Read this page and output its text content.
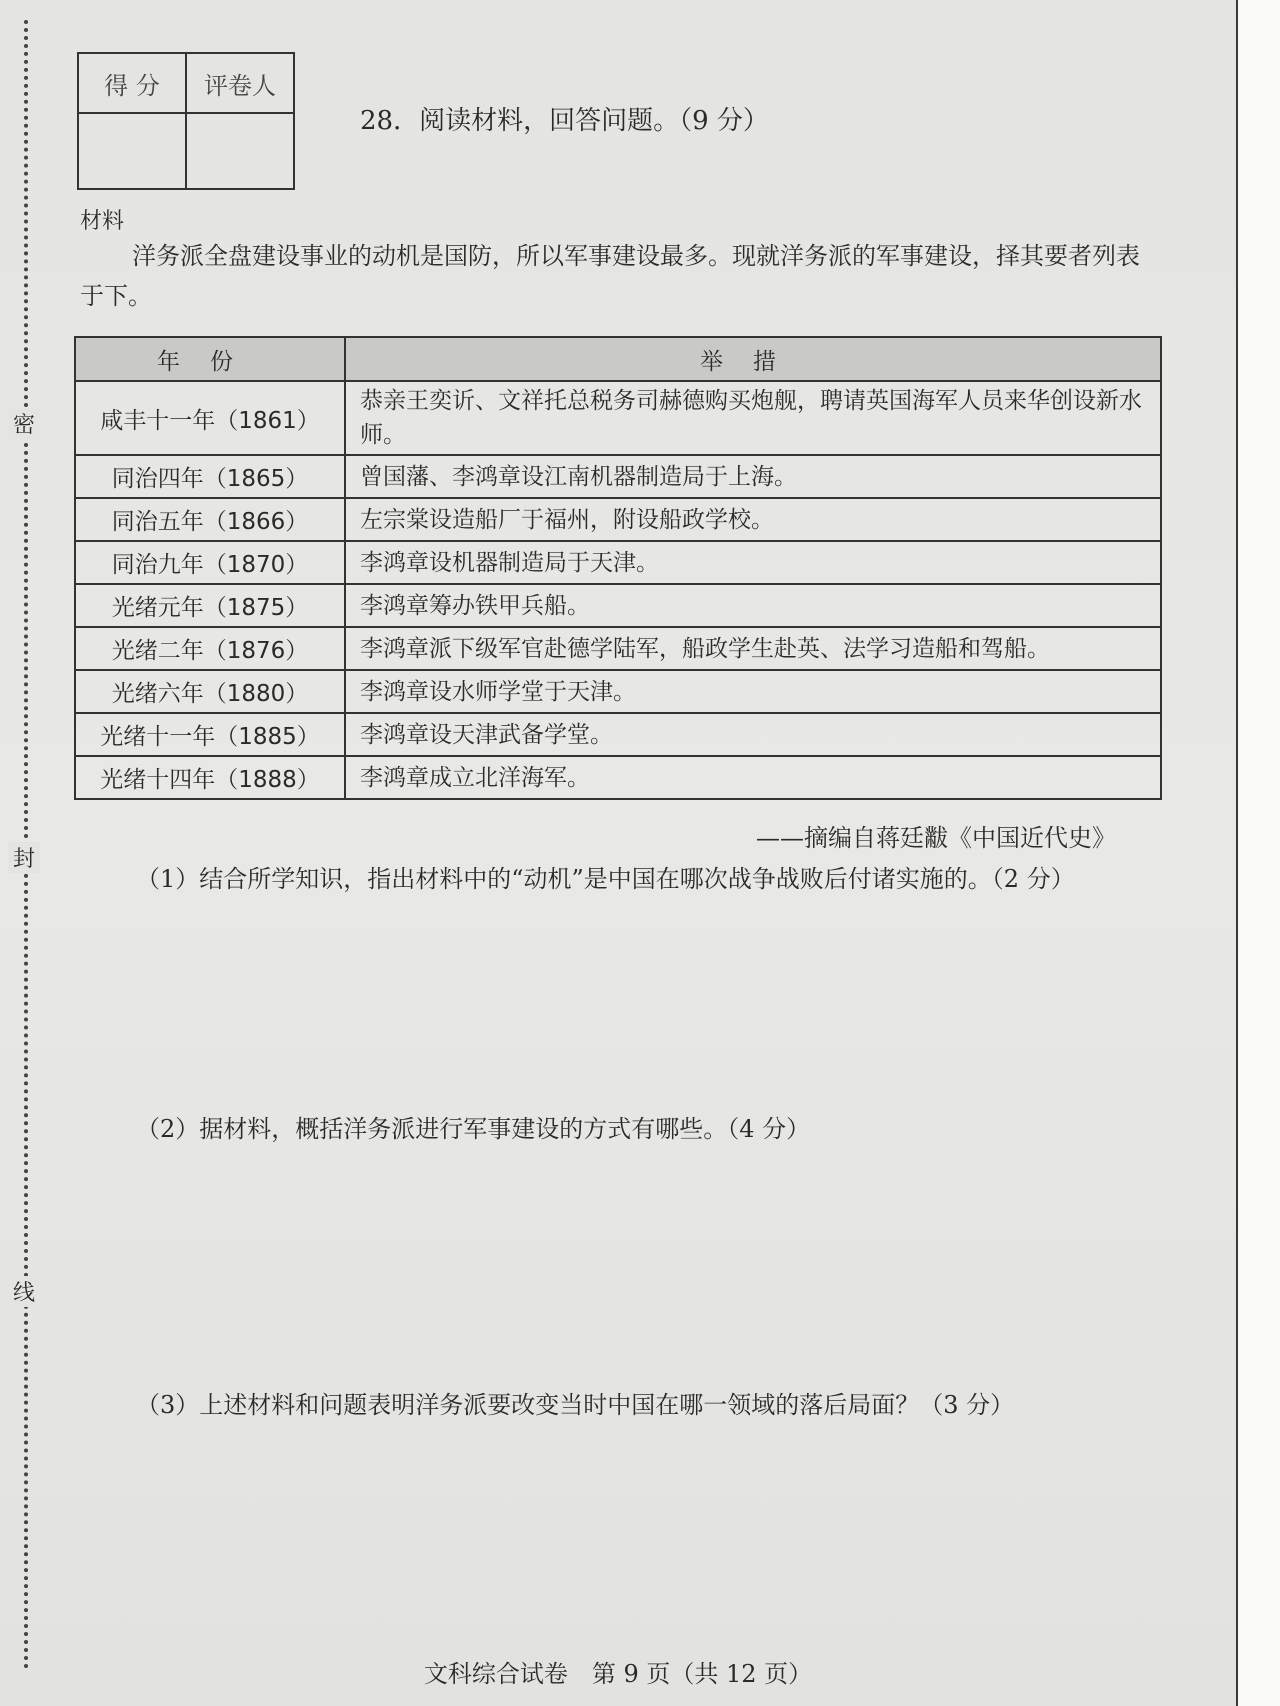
密
封
线
得 分	评卷人

28．阅读材料，回答问题。（9 分）
材料
洋务派全盘建设事业的动机是国防，所以军事建设最多。现就洋务派的军事建设，择其要者列表于下。
年份	举措
咸丰十一年（1861）	恭亲王奕䜣、文祥托总税务司赫德购买炮舰，聘请英国海军人员来华创设新水师。
同治四年（1865）	曾国藩、李鸿章设江南机器制造局于上海。
同治五年（1866）	左宗棠设造船厂于福州，附设船政学校。
同治九年（1870）	李鸿章设机器制造局于天津。
光绪元年（1875）	李鸿章筹办铁甲兵船。
光绪二年（1876）	李鸿章派下级军官赴德学陆军，船政学生赴英、法学习造船和驾船。
光绪六年（1880）	李鸿章设水师学堂于天津。
光绪十一年（1885）	李鸿章设天津武备学堂。
光绪十四年（1888）	李鸿章成立北洋海军。
——摘编自蒋廷黻《中国近代史》
（1）结合所学知识，指出材料中的“动机”是中国在哪次战争战败后付诸实施的。（2 分）
（2）据材料，概括洋务派进行军事建设的方式有哪些。（4 分）
（3）上述材料和问题表明洋务派要改变当时中国在哪一领域的落后局面？（3 分）
文科综合试卷　第 9 页（共 12 页）
